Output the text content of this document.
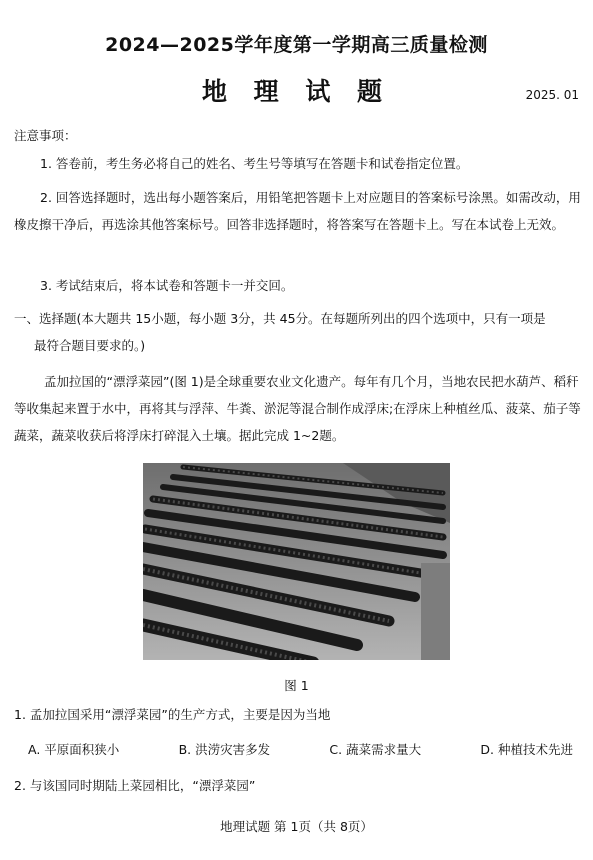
2024—2025学年度第一学期高三质量检测
地 理 试 题	2025. 01
注意事项：
1. 答卷前，考生务必将自己的姓名、考生号等填写在答题卡和试卷指定位置。
2. 回答选择题时，选出每小题答案后，用铅笔把答题卡上对应题目的答案标号涂黑。如需改动，用橡皮擦干净后，再选涂其他答案标号。回答非选择题时，将答案写在答题卡上。写在本试卷上无效。
3. 考试结束后，将本试卷和答题卡一并交回。
一、选择题(本大题共 15小题，每小题 3分，共 45分。在每题所列出的四个选项中，只有一项是
最符合题目要求的。)
孟加拉国的“漂浮菜园”(图 1)是全球重要农业文化遗产。每年有几个月，当地农民把水葫芦、稻秆等收集起来置于水中，再将其与浮萍、牛粪、淤泥等混合制作成浮床;在浮床上种植丝瓜、菠菜、茄子等蔬菜，蔬菜收获后将浮床打碎混入土壤。据此完成 1~2题。
图 1
1. 孟加拉国采用“漂浮菜园”的生产方式，主要是因为当地
A. 平原面积狭小	B. 洪涝灾害多发	C. 蔬菜需求量大	D. 种植技术先进
2. 与该国同时期陆上菜园相比，“漂浮菜园”
地理试题 第 1页（共 8页）
